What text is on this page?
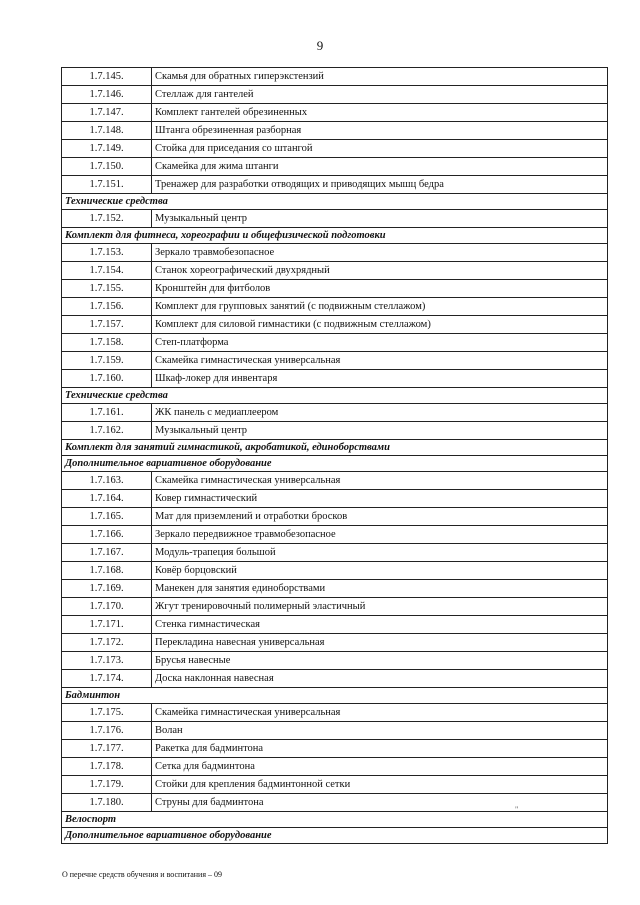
9
1.7.145.	Скамья для обратных гиперэкстензий
1.7.146.	Стеллаж для гантелей
1.7.147.	Комплект гантелей обрезиненных
1.7.148.	Штанга обрезиненная разборная
1.7.149.	Стойка для приседания со штангой
1.7.150.	Скамейка для жима штанги
1.7.151.	Тренажер для разработки отводящих и приводящих мышц бедра
Технические средства	
1.7.152.	Музыкальный центр
Комплект для фитнеса, хореографии и общефизической подготовки	
1.7.153.	Зеркало травмобезопасное
1.7.154.	Станок хореографический двухрядный
1.7.155.	Кронштейн для фитболов
1.7.156.	Комплект для групповых занятий (с подвижным стеллажом)
1.7.157.	Комплект для силовой гимнастики (с подвижным стеллажом)
1.7.158.	Степ-платформа
1.7.159.	Скамейка гимнастическая универсальная
1.7.160.	Шкаф-локер для инвентаря
Технические средства	
1.7.161.	ЖК панель с медиаплеером
1.7.162.	Музыкальный центр
Комплект для занятий гимнастикой, акробатикой, единоборствами	
Дополнительное вариативное оборудование	
1.7.163.	Скамейка гимнастическая универсальная
1.7.164.	Ковер гимнастический
1.7.165.	Мат для приземлений и отработки бросков
1.7.166.	Зеркало передвижное травмобезопасное
1.7.167.	Модуль-трапеция большой
1.7.168.	Ковёр борцовский
1.7.169.	Манекен для занятия единоборствами
1.7.170.	Жгут тренировочный полимерный эластичный
1.7.171.	Стенка гимнастическая
1.7.172.	Перекладина навесная универсальная
1.7.173.	Брусья навесные
1.7.174.	Доска наклонная навесная
Бадминтон	
1.7.175.	Скамейка гимнастическая универсальная
1.7.176.	Волан
1.7.177.	Ракетка для бадминтона
1.7.178.	Сетка для бадминтона
1.7.179.	Стойки для крепления бадминтонной сетки
1.7.180.	Струны для бадминтона
Велоспорт	
Дополнительное вариативное оборудование	
"
О перечне средств обучения и воспитания – 09
